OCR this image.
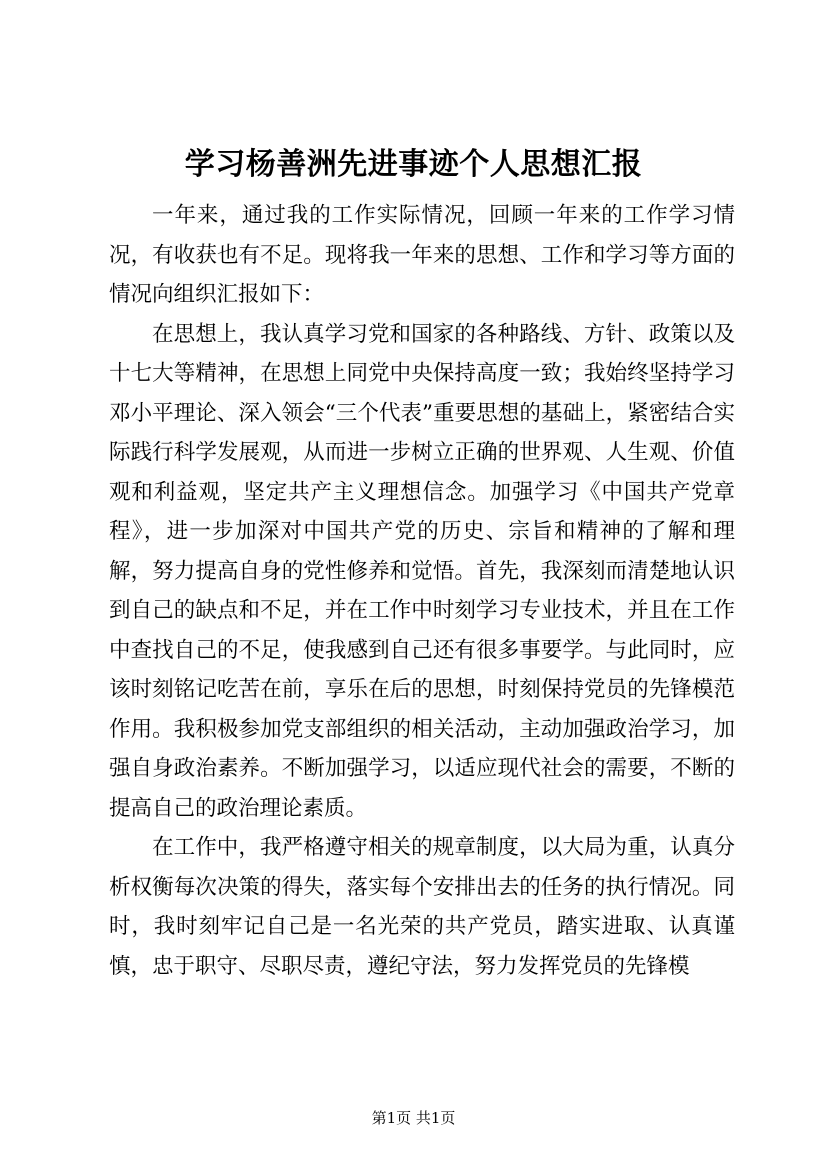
学习杨善洲先进事迹个人思想汇报

一年来，通过我的工作实际情况，回顾一年来的工作学习情况，有收获也有不足。现将我一年来的思想、工作和学习等方面的情况向组织汇报如下：

在思想上，我认真学习党和国家的各种路线、方针、政策以及十七大等精神，在思想上同党中央保持高度一致；我始终坚持学习邓小平理论、深入领会“三个代表”重要思想的基础上，紧密结合实际践行科学发展观，从而进一步树立正确的世界观、人生观、价值观和利益观，坚定共产主义理想信念。加强学习《中国共产党章程》，进一步加深对中国共产党的历史、宗旨和精神的了解和理解，努力提高自身的党性修养和觉悟。首先，我深刻而清楚地认识到自己的缺点和不足，并在工作中时刻学习专业技术，并且在工作中查找自己的不足，使我感到自己还有很多事要学。与此同时，应该时刻铭记吃苦在前，享乐在后的思想，时刻保持党员的先锋模范作用。我积极参加党支部组织的相关活动，主动加强政治学习，加强自身政治素养。不断加强学习，以适应现代社会的需要，不断的提高自己的政治理论素质。

在工作中，我严格遵守相关的规章制度，以大局为重，认真分析权衡每次决策的得失，落实每个安排出去的任务的执行情况。同时，我时刻牢记自己是一名光荣的共产党员，踏实进取、认真谨慎，忠于职守、尽职尽责，遵纪守法，努力发挥党员的先锋模

第1页 共1页
